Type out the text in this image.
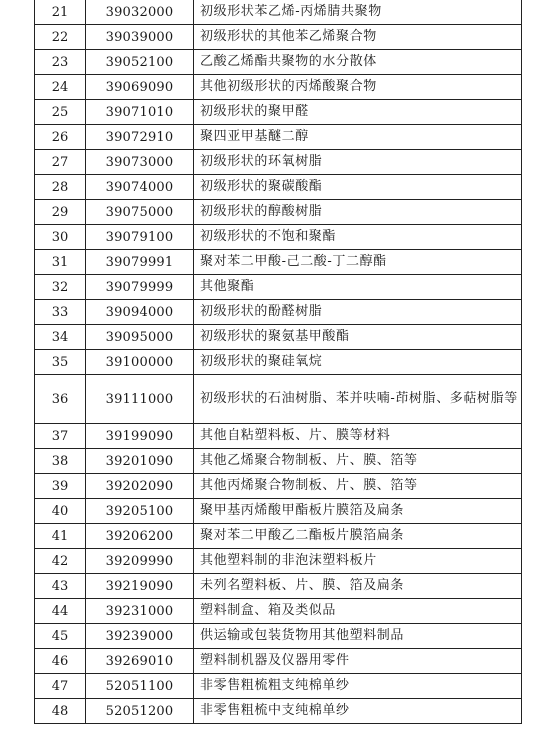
21	39032000	初级形状苯乙烯-丙烯腈共聚物
22	39039000	初级形状的其他苯乙烯聚合物
23	39052100	乙酸乙烯酯共聚物的水分散体
24	39069090	其他初级形状的丙烯酸聚合物
25	39071010	初级形状的聚甲醛
26	39072910	聚四亚甲基醚二醇
27	39073000	初级形状的环氧树脂
28	39074000	初级形状的聚碳酸酯
29	39075000	初级形状的醇酸树脂
30	39079100	初级形状的不饱和聚酯
31	39079991	聚对苯二甲酸-己二酸-丁二醇酯
32	39079999	其他聚酯
33	39094000	初级形状的酚醛树脂
34	39095000	初级形状的聚氨基甲酸酯
35	39100000	初级形状的聚硅氧烷
36	39111000	初级形状的石油树脂、苯并呋喃-茚树脂、多萜树脂等
37	39199090	其他自粘塑料板、片、膜等材料
38	39201090	其他乙烯聚合物制板、片、膜、箔等
39	39202090	其他丙烯聚合物制板、片、膜、箔等
40	39205100	聚甲基丙烯酸甲酯板片膜箔及扁条
41	39206200	聚对苯二甲酸乙二酯板片膜箔扁条
42	39209990	其他塑料制的非泡沫塑料板片
43	39219090	未列名塑料板、片、膜、箔及扁条
44	39231000	塑料制盒、箱及类似品
45	39239000	供运输或包装货物用其他塑料制品
46	39269010	塑料制机器及仪器用零件
47	52051100	非零售粗梳粗支纯棉单纱
48	52051200	非零售粗梳中支纯棉单纱
